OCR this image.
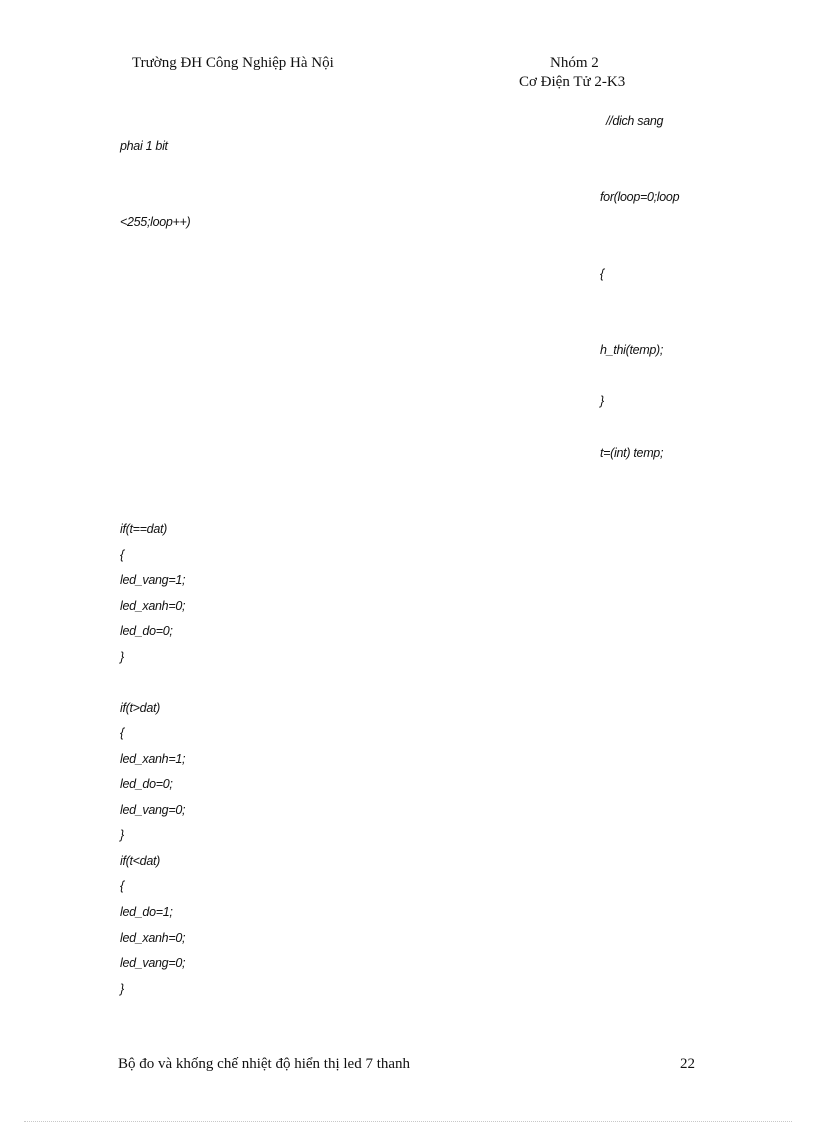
Trường ĐH Công Nghiệp Hà Nội	Nhóm 2
Cơ Điện Tử 2-K3
//dich sang
phai 1 bit
for(loop=0;loop
<255;loop++)
{
h_thi(temp);
}
t=(int) temp;
if(t==dat)
{
led_vang=1;
led_xanh=0;
led_do=0;
}
if(t>dat)
{
led_xanh=1;
led_do=0;
led_vang=0;
}
if(t<dat)
{
led_do=1;
led_xanh=0;
led_vang=0;
}
Bộ đo và khống chế nhiệt độ hiển thị led 7 thanh	22
